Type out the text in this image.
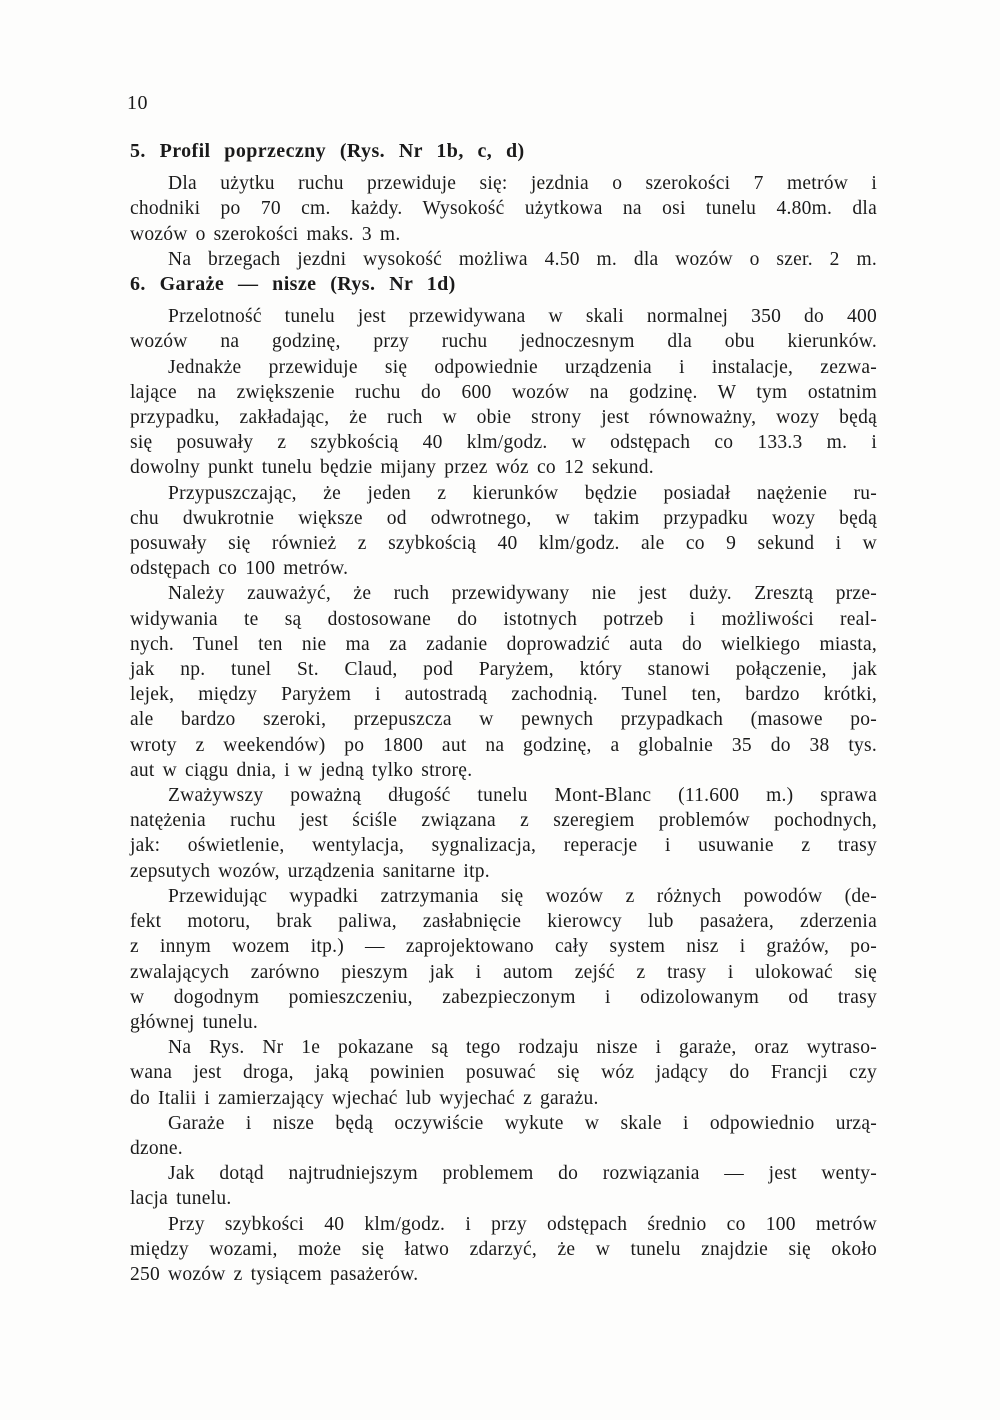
10
5. Profil poprzeczny (Rys. Nr 1b, c, d)
Dla użytku ruchu przewiduje się: jezdnia o szerokości 7 metrów i
chodniki po 70 cm. każdy. Wysokość użytkowa na osi tunelu 4.80m. dla
wozów o szerokości maks. 3 m.
Na brzegach jezdni wysokość możliwa 4.50 m. dla wozów o szer. 2 m.
6. Garaże — nisze (Rys. Nr 1d)
Przelotność tunelu jest przewidywana w skali normalnej 350 do 400
wozów na godzinę, przy ruchu jednoczesnym dla obu kierunków.
Jednakże przewiduje się odpowiednie urządzenia i instalacje, zezwa-
lające na zwiększenie ruchu do 600 wozów na godzinę. W tym ostatnim
przypadku, zakładając, że ruch w obie strony jest równoważny, wozy będą
się posuwały z szybkością 40 klm/godz. w odstępach co 133.3 m. i
dowolny punkt tunelu będzie mijany przez wóz co 12 sekund.
Przypuszczając, że jeden z kierunków będzie posiadał naężenie ru-
chu dwukrotnie większe od odwrotnego, w takim przypadku wozy będą
posuwały się również z szybkością 40 klm/godz. ale co 9 sekund i w
odstępach co 100 metrów.
Należy zauważyć, że ruch przewidywany nie jest duży. Zresztą prze-
widywania te są dostosowane do istotnych potrzeb i możliwości real-
nych. Tunel ten nie ma za zadanie doprowadzić auta do wielkiego miasta,
jak np. tunel St. Claud, pod Paryżem, który stanowi połączenie, jak
lejek, między Paryżem i autostradą zachodnią. Tunel ten, bardzo krótki,
ale bardzo szeroki, przepuszcza w pewnych przypadkach (masowe po-
wroty z weekendów) po 1800 aut na godzinę, a globalnie 35 do 38 tys.
aut w ciągu dnia, i w jedną tylko strorę.
Zważywszy poważną długość tunelu Mont-Blanc (11.600 m.) sprawa
natężenia ruchu jest ściśle związana z szeregiem problemów pochodnych,
jak: oświetlenie, wentylacja, sygnalizacja, reperacje i usuwanie z trasy
zepsutych wozów, urządzenia sanitarne itp.
Przewidując wypadki zatrzymania się wozów z różnych powodów (de-
fekt motoru, brak paliwa, zasłabnięcie kierowcy lub pasażera, zderzenia
z innym wozem itp.) — zaprojektowano cały system nisz i grażów, po-
zwalających zarówno pieszym jak i autom zejść z trasy i ulokować się
w dogodnym pomieszczeniu, zabezpieczonym i odizolowanym od trasy
głównej tunelu.
Na Rys. Nr 1e pokazane są tego rodzaju nisze i garaże, oraz wytraso-
wana jest droga, jaką powinien posuwać się wóz jadący do Francji czy
do Italii i zamierzający wjechać lub wyjechać z garażu.
Garaże i nisze będą oczywiście wykute w skale i odpowiednio urzą-
dzone.
Jak dotąd najtrudniejszym problemem do rozwiązania — jest wenty-
lacja tunelu.
Przy szybkości 40 klm/godz. i przy odstępach średnio co 100 metrów
między wozami, może się łatwo zdarzyć, że w tunelu znajdzie się około
250 wozów z tysiącem pasażerów.
